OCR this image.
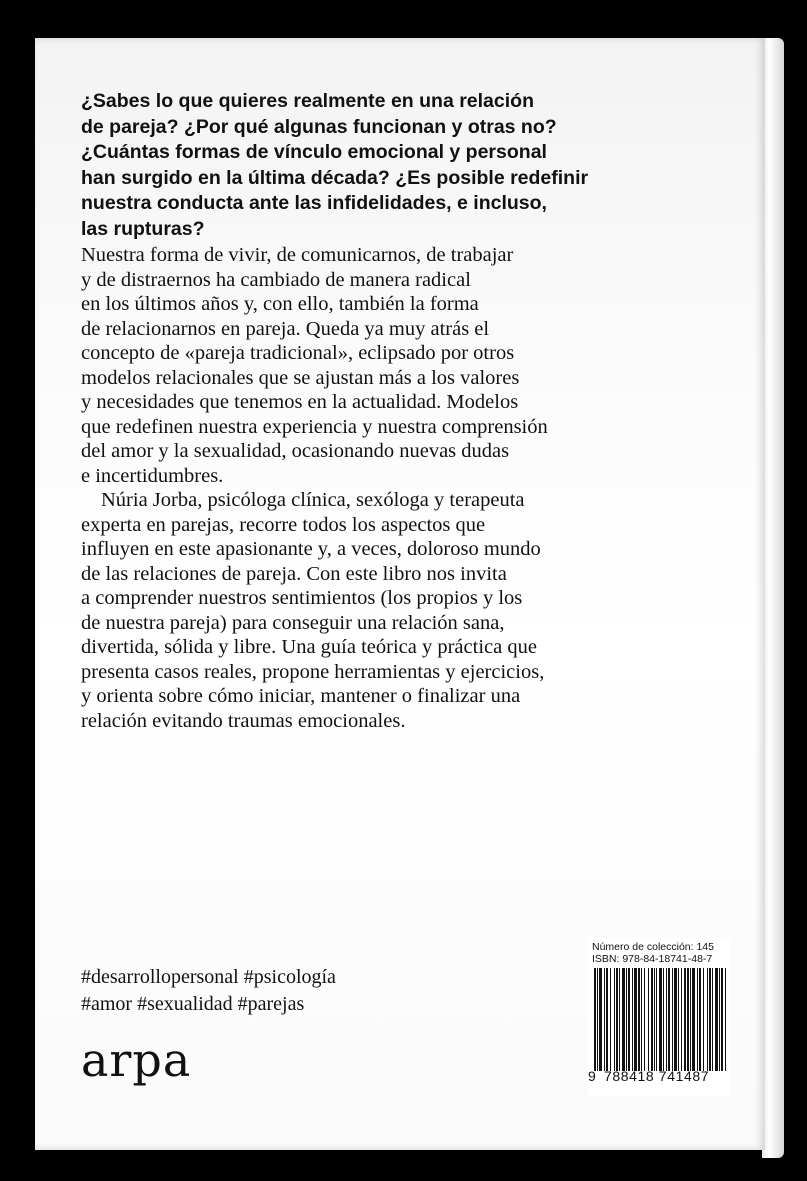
¿Sabes lo que quieres realmente en una relación
de pareja? ¿Por qué algunas funcionan y otras no?
¿Cuántas formas de vínculo emocional y personal
han surgido en la última década? ¿Es posible redefinir
nuestra conducta ante las infidelidades, e incluso,
las rupturas?
Nuestra forma de vivir, de comunicarnos, de trabajar
y de distraernos ha cambiado de manera radical
en los últimos años y, con ello, también la forma
de relacionarnos en pareja. Queda ya muy atrás el
concepto de «pareja tradicional», eclipsado por otros
modelos relacionales que se ajustan más a los valores
y necesidades que tenemos en la actualidad. Modelos
que redefinen nuestra experiencia y nuestra comprensión
del amor y la sexualidad, ocasionando nuevas dudas
e incertidumbres.
Núria Jorba, psicóloga clínica, sexóloga y terapeuta
experta en parejas, recorre todos los aspectos que
influyen en este apasionante y, a veces, doloroso mundo
de las relaciones de pareja. Con este libro nos invita
a comprender nuestros sentimientos (los propios y los
de nuestra pareja) para conseguir una relación sana,
divertida, sólida y libre. Una guía teórica y práctica que
presenta casos reales, propone herramientas y ejercicios,
y orienta sobre cómo iniciar, mantener o finalizar una
relación evitando traumas emocionales.
#desarrollopersonal #psicología
#amor #sexualidad #parejas
arpa
Número de colección: 145
ISBN: 978-84-18741-48-7
9 788418 741487
